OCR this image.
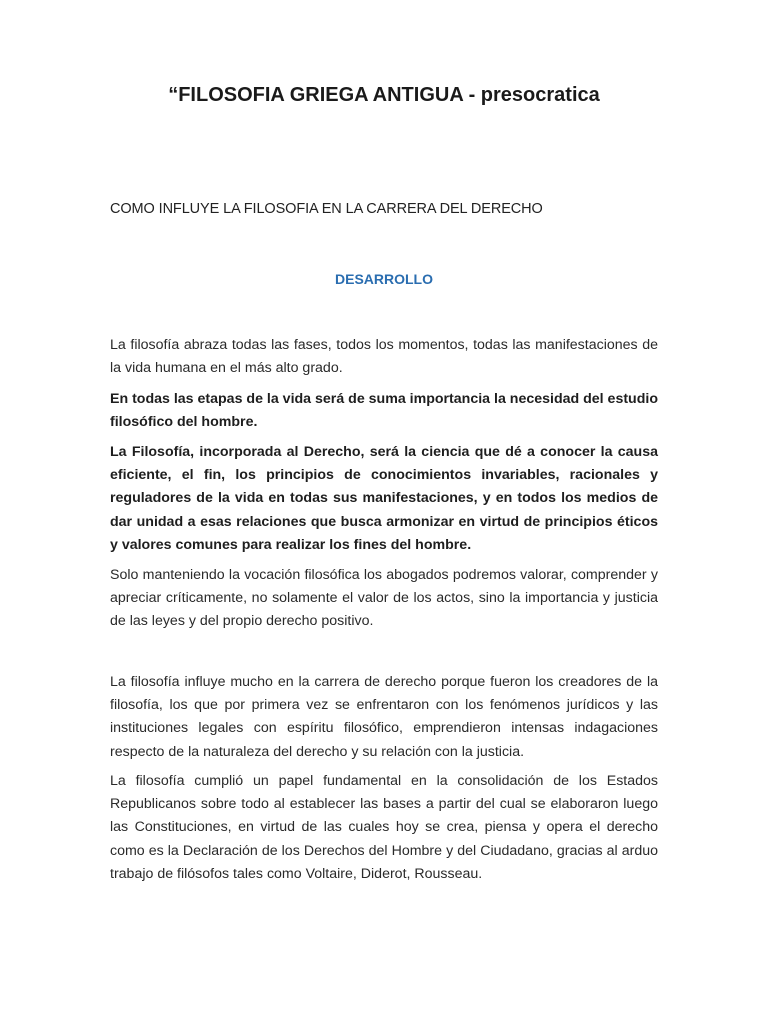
“FILOSOFIA GRIEGA ANTIGUA - presocratica

COMO INFLUYE LA FILOSOFIA EN LA CARRERA DEL DERECHO

DESARROLLO

La filosofía abraza todas las fases, todos los momentos, todas las manifestaciones de la vida humana en el más alto grado.

En todas las etapas de la vida será de suma importancia la necesidad del estudio filosófico del hombre.

La Filosofía, incorporada al Derecho, será la ciencia que dé a conocer la causa eficiente, el fin, los principios de conocimientos invariables, racionales y reguladores de la vida en todas sus manifestaciones, y en todos los medios de dar unidad a esas relaciones que busca armonizar en virtud de principios éticos y valores comunes para realizar los fines del hombre.

Solo manteniendo la vocación filosófica los abogados podremos valorar, comprender y apreciar críticamente, no solamente el valor de los actos, sino la importancia y justicia de las leyes y del propio derecho positivo.

La filosofía influye mucho en la carrera de derecho porque fueron los creadores de la filosofía, los que por primera vez se enfrentaron con los fenómenos jurídicos y las instituciones legales con espíritu filosófico, emprendieron intensas indagaciones respecto de la naturaleza del derecho y su relación con la justicia.

La filosofía cumplió un papel fundamental en la consolidación de los Estados Republicanos sobre todo al establecer las bases a partir del cual se elaboraron luego las Constituciones, en virtud de las cuales hoy se crea, piensa y opera el derecho como es la Declaración de los Derechos del Hombre y del Ciudadano, gracias al arduo trabajo de filósofos tales como Voltaire, Diderot, Rousseau.
